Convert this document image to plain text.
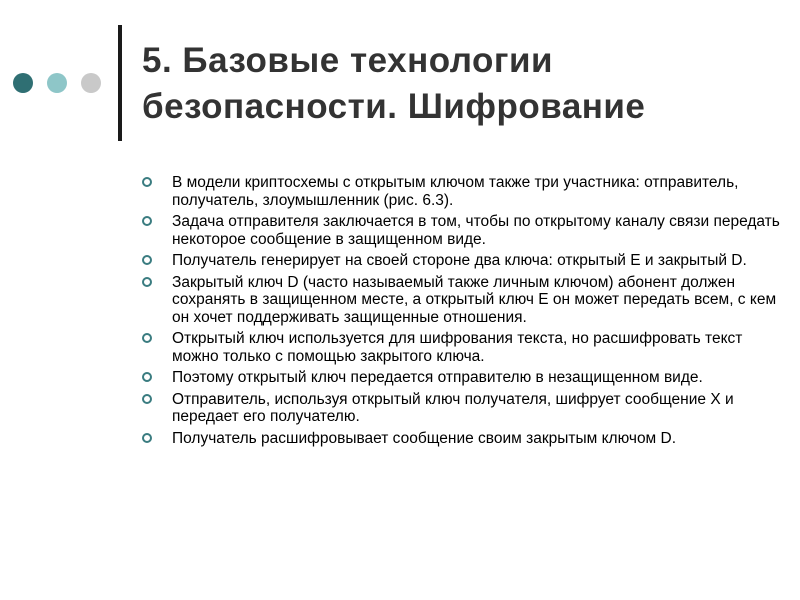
5. Базовые технологии
безопасности. Шифрование
В модели криптосхемы с открытым ключом также три участника: отправитель, получатель, злоумышленник (рис. 6.3).
Задача отправителя заключается в том, чтобы по открытому каналу связи передать некоторое сообщение в защищенном виде.
Получатель генерирует на своей стороне два ключа: открытый E и закрытый D.
Закрытый ключ D (часто называемый также личным ключом) абонент должен сохранять в защищенном месте, а открытый ключ E он может передать всем, с кем он хочет поддерживать защищенные отношения.
Открытый ключ используется для шифрования текста, но расшифровать текст можно только с помощью закрытого ключа.
Поэтому открытый ключ передается отправителю в незащищенном виде.
Отправитель, используя открытый ключ получателя, шифрует сообщение X и передает его получателю.
Получатель расшифровывает сообщение своим закрытым ключом D.
